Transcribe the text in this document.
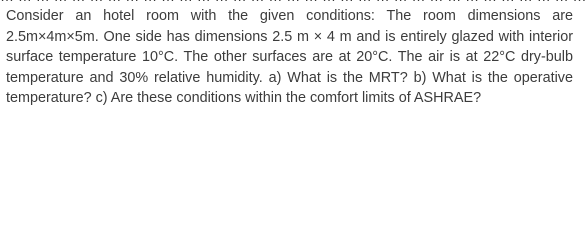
Consider an hotel room with the given conditions: The room dimensions are 2.5m×4m×5m. One side has dimensions 2.5 m × 4 m and is entirely glazed with interior surface temperature 10°C. The other surfaces are at 20°C. The air is at 22°C dry-bulb temperature and 30% relative humidity. a) What is the MRT? b) What is the operative temperature? c) Are these conditions within the comfort limits of ASHRAE?
